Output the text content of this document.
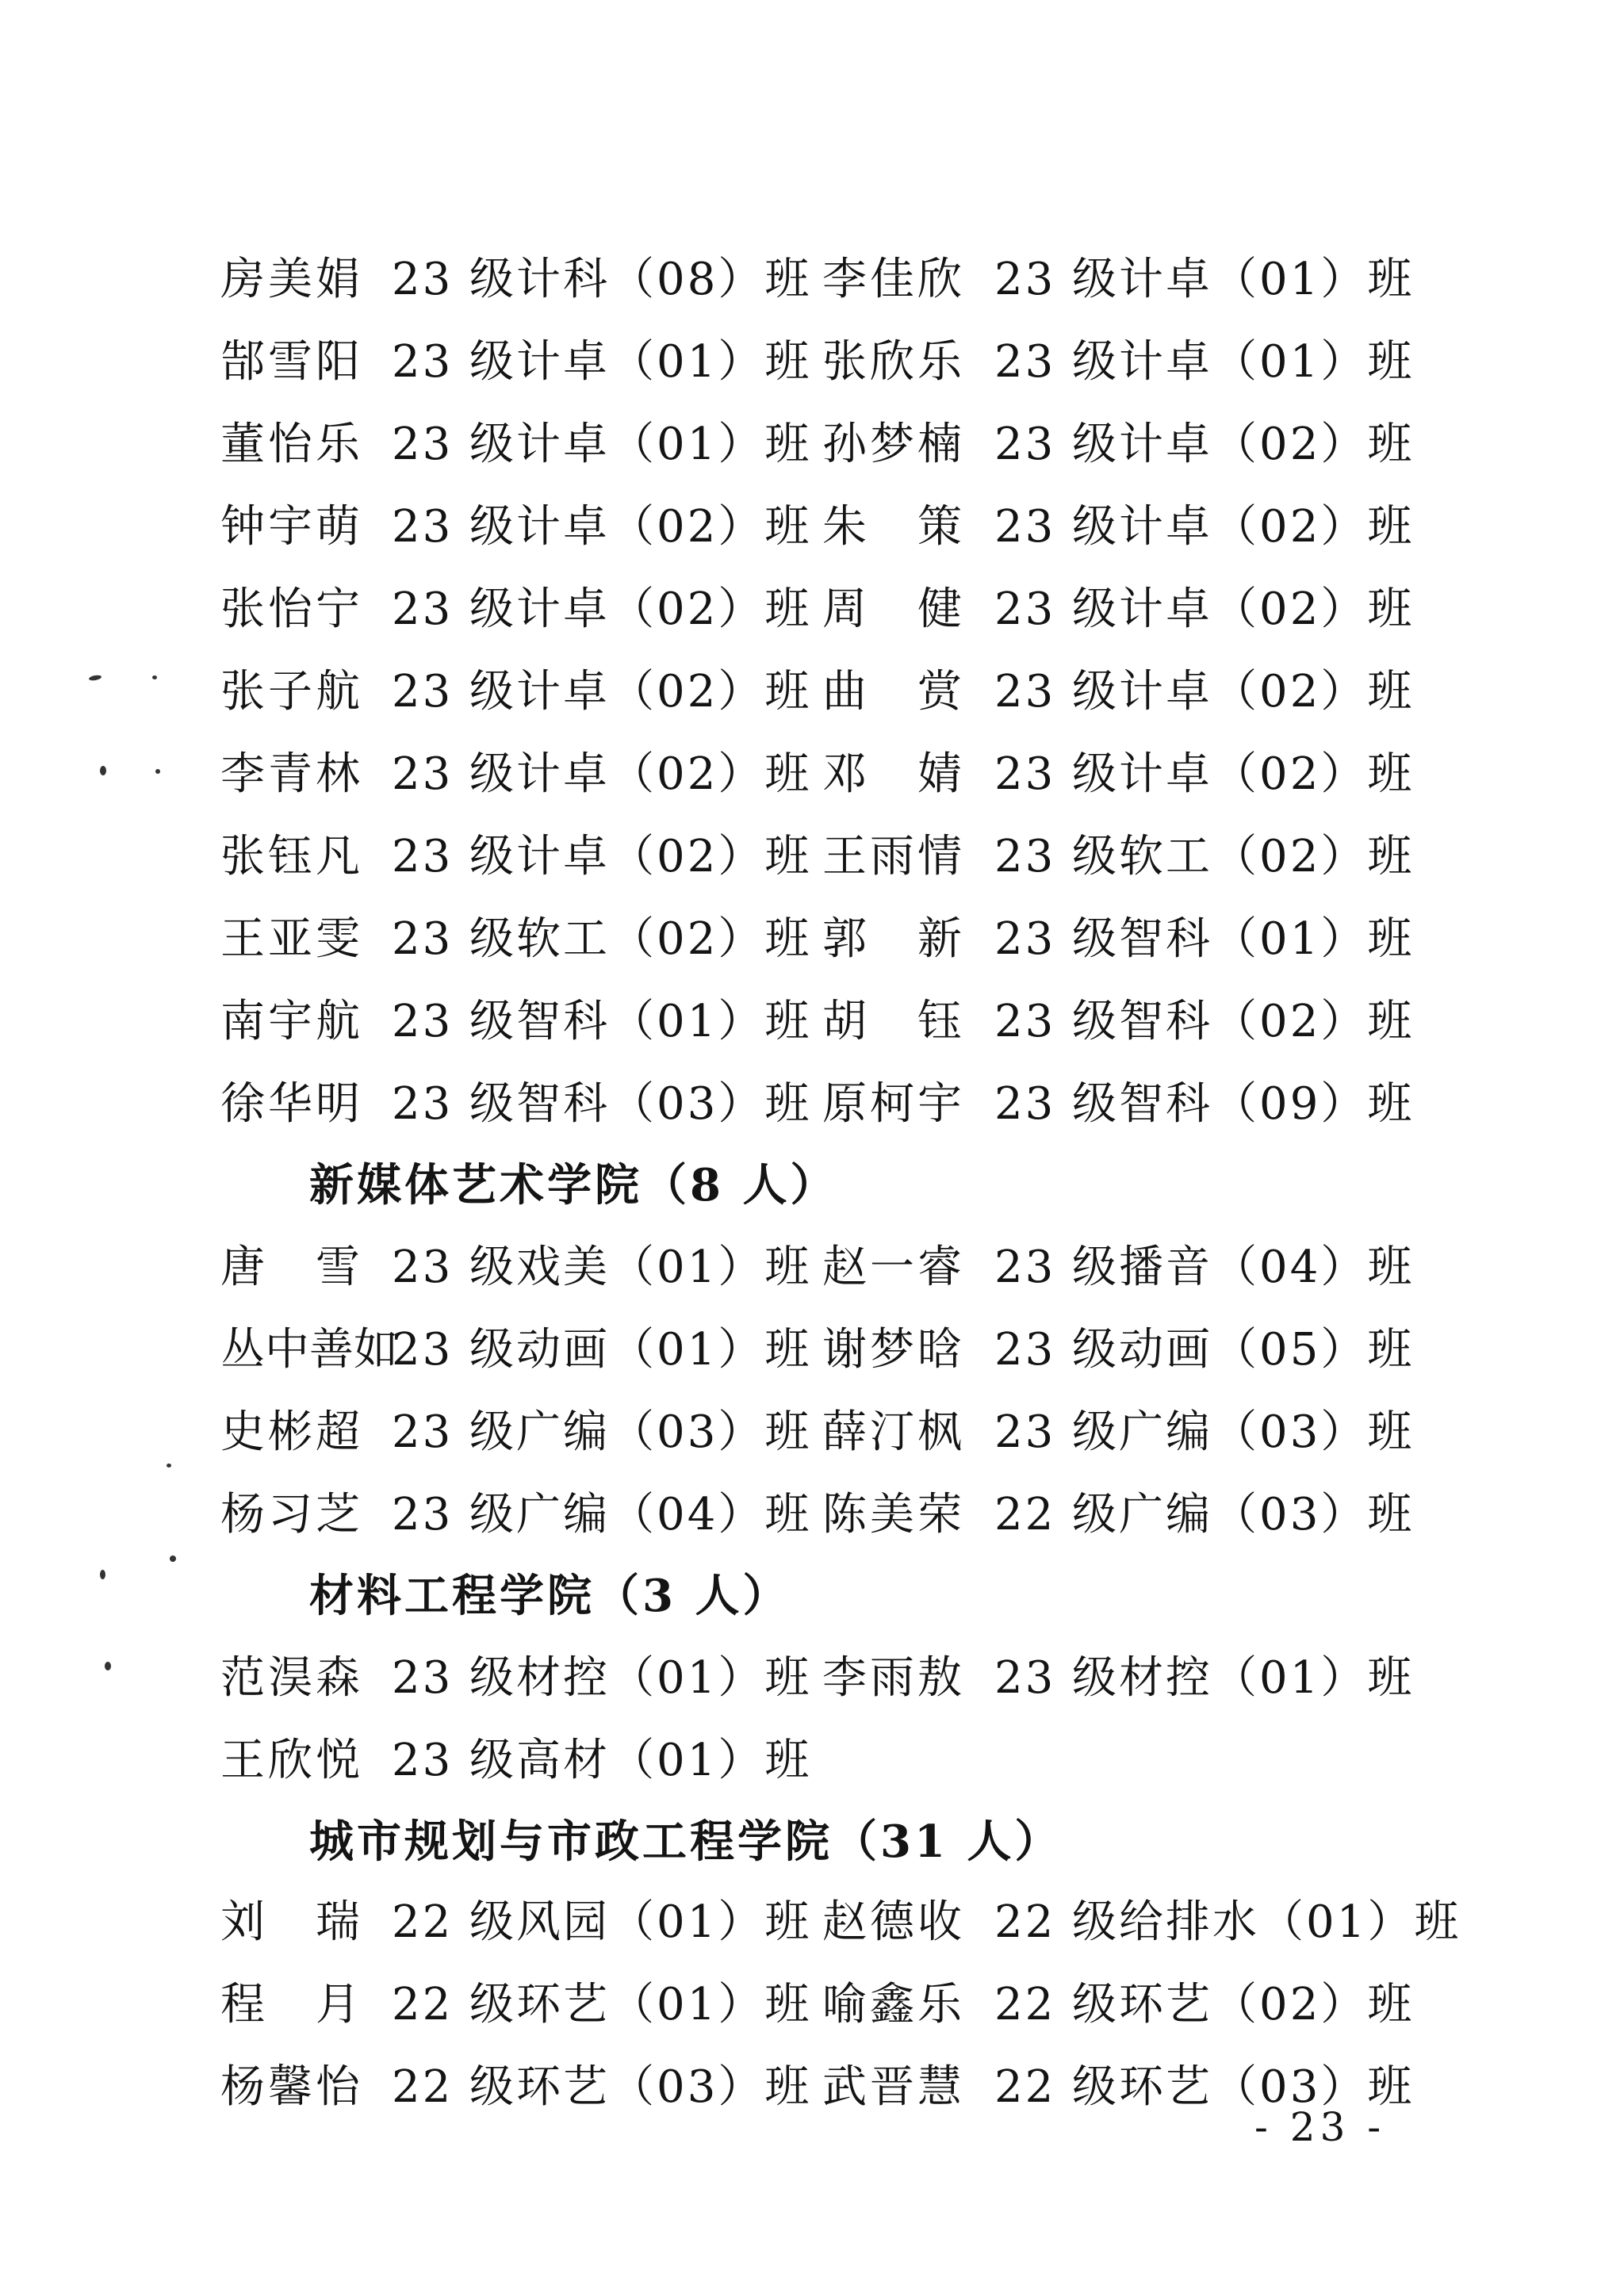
房美娟 23 级计科（08）班 李佳欣 23 级计卓（01）班
郜雪阳 23 级计卓（01）班 张欣乐 23 级计卓（01）班
董怡乐 23 级计卓（01）班 孙梦楠 23 级计卓（02）班
钟宇萌 23 级计卓（02）班 朱　策 23 级计卓（02）班
张怡宁 23 级计卓（02）班 周　健 23 级计卓（02）班
张子航 23 级计卓（02）班 曲　赏 23 级计卓（02）班
李青林 23 级计卓（02）班 邓　婧 23 级计卓（02）班
张钰凡 23 级计卓（02）班 王雨情 23 级软工（02）班
王亚雯 23 级软工（02）班 郭　新 23 级智科（01）班
南宇航 23 级智科（01）班 胡　钰 23 级智科（02）班
徐华明 23 级智科（03）班 原柯宇 23 级智科（09）班
新媒体艺术学院（8 人）
唐　雪 23 级戏美（01）班 赵一睿 23 级播音（04）班
丛中善如
23 级动画（01）班 谢梦晗 23 级动画（05）班
史彬超 23 级广编（03）班 薛汀枫 23 级广编（03）班
杨习芝 23 级广编（04）班 陈美荣 22 级广编（03）班
材料工程学院（3 人）
范淏森 23 级材控（01）班 李雨敖 23 级材控（01）班
王欣悦 23 级高材（01）班
城市规划与市政工程学院（31 人）
刘　瑞 22 级风园（01）班 赵德收 22 级给排水（01）班
程　月 22 级环艺（01）班 喻鑫乐 22 级环艺（02）班
杨馨怡 22 级环艺（03）班 武晋慧 22 级环艺（03）班
- 23 -
